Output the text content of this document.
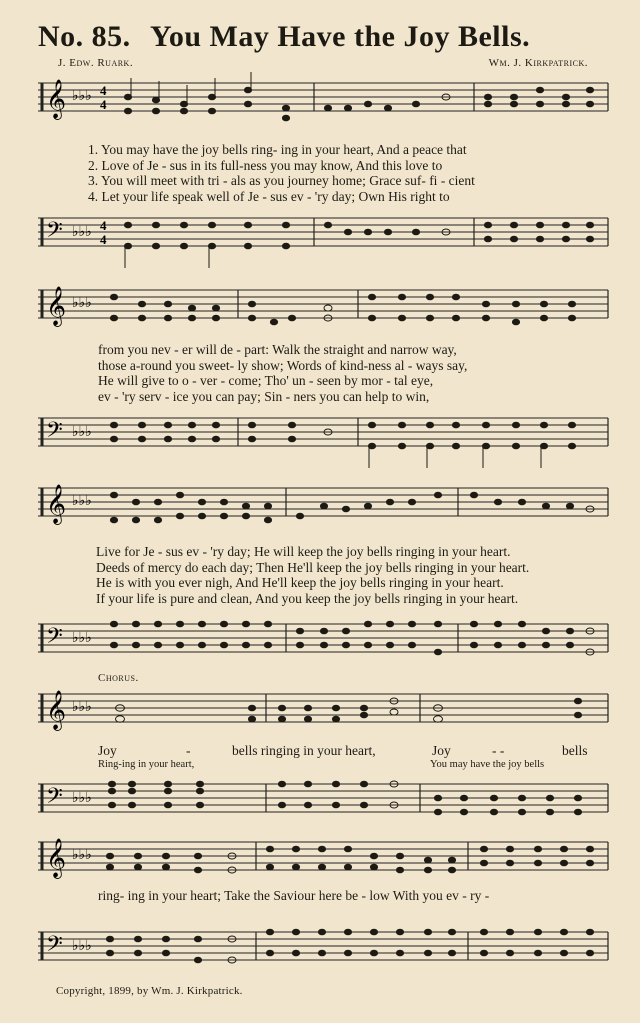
No. 85. You May Have the Joy Bells.
J. Edw. Ruark.	Wm. J. Kirkpatrick.
𝄞 ♭♭♭ 4
4
1. You may have the joy bells ring- ing in your heart, And a peace that
2. Love of Je - sus in its full-ness you may know, And this love to
3. You will meet with tri - als as you journey home; Grace suf- fi - cient
4. Let your life speak well of Je - sus ev - 'ry day; Own His right to
𝄢 ♭♭♭ 4
4
𝄞 ♭♭♭
from you nev - er will de - part: Walk the straight and narrow way,
those a-round you sweet- ly show; Words of kind-ness al - ways say,
He will give to o - ver - come; Tho' un - seen by mor - tal eye,
ev - 'ry serv - ice you can pay; Sin - ners you can help to win,
𝄢 ♭♭♭
𝄞 ♭♭♭
Live for Je - sus ev - 'ry day; He will keep the joy bells ringing in your heart.
Deeds of mercy do each day; Then He'll keep the joy bells ringing in your heart.
He is with you ever nigh, And He'll keep the joy bells ringing in your heart.
If your life is pure and clean, And you keep the joy bells ringing in your heart.
𝄢 ♭♭♭
Chorus.
𝄞 ♭♭♭
Joy	-	bells ringing in your heart,	Joy	- -	bells
Ring-ing in your heart,	You may have the joy bells
𝄢 ♭♭♭
𝄞 ♭♭♭
ring- ing in your heart; Take the Saviour here be - low With you ev - ry -
𝄢 ♭♭♭
Copyright, 1899, by Wm. J. Kirkpatrick.
